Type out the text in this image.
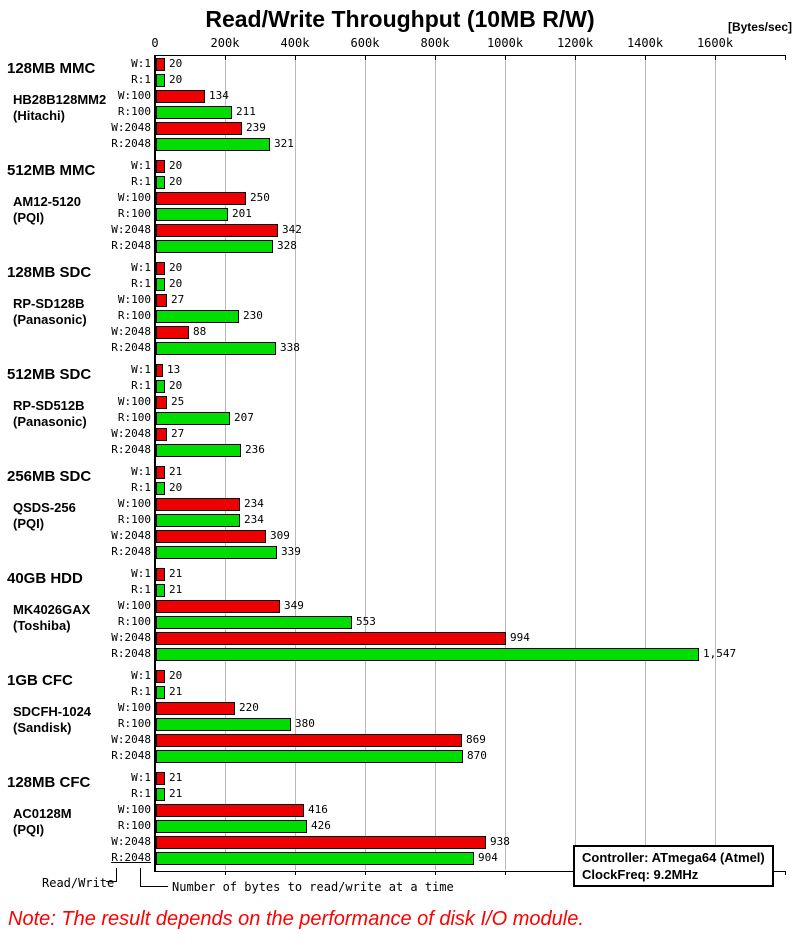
Read/Write Throughput (10MB R/W)	[Bytes/sec]
0	200k	400k	600k	800k	1000k	1200k	1400k	1600k
20
20
134
211
239
321
20
20
250
201
342
328
20
20
27
230
88
338
13
20
25
207
27
236
21
20
234
234
309
339
21
21
349
553
994
1,547
20
21
220
380
869
870
21
21
416
426
938
904
W:1
R:1
W:100
R:100
W:2048
R:2048
W:1
R:1
W:100
R:100
W:2048
R:2048
W:1
R:1
W:100
R:100
W:2048
R:2048
W:1
R:1
W:100
R:100
W:2048
R:2048
W:1
R:1
W:100
R:100
W:2048
R:2048
W:1
R:1
W:100
R:100
W:2048
R:2048
W:1
R:1
W:100
R:100
W:2048
R:2048
W:1
R:1
W:100
R:100
W:2048
R:2048
128MB MMC
HB28B128MM2
(Hitachi)
512MB MMC
AM12-5120
(PQI)
128MB SDC
RP-SD128B
(Panasonic)
512MB SDC
RP-SD512B
(Panasonic)
256MB SDC
QSDS-256
(PQI)
40GB HDD
MK4026GAX
(Toshiba)
1GB CFC
SDCFH-1024
(Sandisk)
128MB CFC
AC0128M
(PQI)
Controller: ATmega64 (Atmel)
ClockFreq: 9.2MHz
Read/Write	Number of bytes to read/write at a time
Note: The result depends on the performance of disk I/O module.
